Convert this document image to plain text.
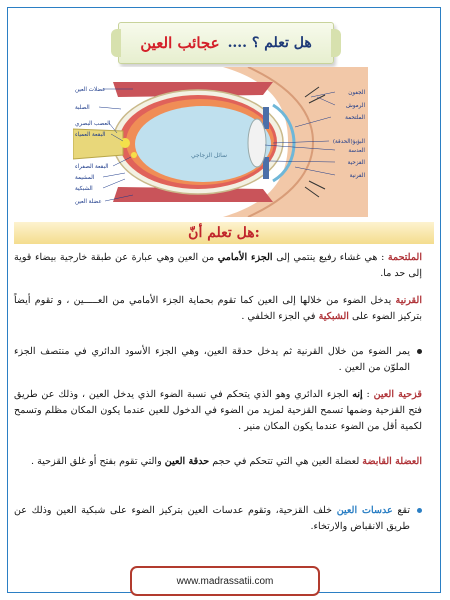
هل تعلم ؟ ....
عجائب العين
سائل الزجاجي
عضلات العين
الصلبة
العصب البصري
البقعة العمياء
البقعة الصفراء
المشيمة
الشبكية
عضلة العين
الجفون
الرموش
الملتحمة
البؤبؤ(الحدقة)
العدسة
القزحية
القرنية
هل تعلم أنّ:
الملتحمة : هي غشاء رفيع ينتمي إلى الجزء الأمامي من العين وهي عبارة عن طبقة خارجية بيضاء قوية إلى حد ما.
القرنية يدخل الضوء من خلالها إلى العين كما تقوم بحماية الجزء الأمامي من العـــــين ، و تقوم أيضاً بتركيز الضوء على الشبكية في الجزء الخلفي .
يمر الضوء من خلال القرنية ثم يدخل حدقة العين، وهي الجزء الأسود الدائري في منتصف الجزء الملوّن من العين .
قزحية العين : إنه الجزء الدائري وهو الذي يتحكم في نسبة الضوء الذي يدخل العين ، وذلك عن طريق فتح القزحية وضمها تسمح القزحية لمزيد من الضوء في الدخول للعين عندما يكون المكان مظلم وتسمح لكمية أقل من الضوء عندما يكون المكان منير .
العضلة القابضة لعضلة العين هي التي تتحكم في حجم حدقة العين والتي تقوم بفتح أو غلق القزحية .
تقع عدسات العين خلف القزحية، وتقوم عدسات العين بتركيز الضوء على شبكية العين وذلك عن طريق الانقباض والارتخاء.
www.madrassatii.com
